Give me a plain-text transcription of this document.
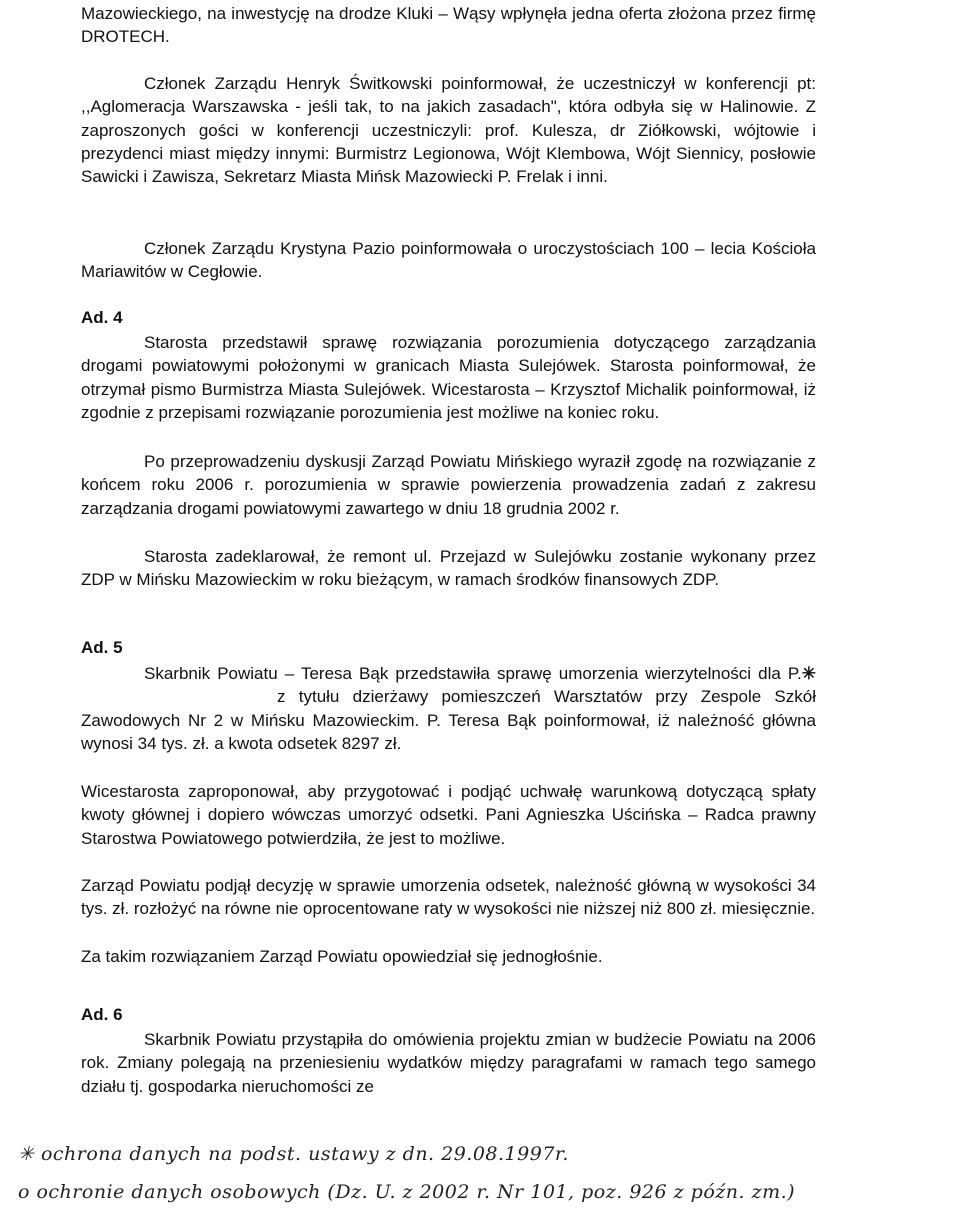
Mazowieckiego, na inwestycję na drodze Kluki – Wąsy wpłynęła jedna oferta złożona przez firmę DROTECH.
Członek Zarządu Henryk Świtkowski poinformował, że uczestniczył w konferencji pt: ,,Aglomeracja Warszawska - jeśli tak, to na jakich zasadach", która odbyła się w Halinowie. Z zaproszonych gości w konferencji uczestniczyli: prof. Kulesza, dr Ziółkowski, wójtowie i prezydenci miast między innymi: Burmistrz Legionowa, Wójt Klembowa, Wójt Siennicy, posłowie Sawicki i Zawisza, Sekretarz Miasta Mińsk Mazowiecki P. Frelak i inni.
Członek Zarządu Krystyna Pazio poinformowała o uroczystościach 100 – lecia Kościoła Mariawitów w Cegłowie.
Ad. 4
Starosta przedstawił sprawę rozwiązania porozumienia dotyczącego zarządzania drogami powiatowymi położonymi w granicach Miasta Sulejówek. Starosta poinformował, że otrzymał pismo Burmistrza Miasta Sulejówek. Wicestarosta – Krzysztof Michalik poinformował, iż zgodnie z przepisami rozwiązanie porozumienia jest możliwe na koniec roku.
Po przeprowadzeniu dyskusji Zarząd Powiatu Mińskiego wyraził zgodę na rozwiązanie z końcem roku 2006 r. porozumienia w sprawie powierzenia prowadzenia zadań z zakresu zarządzania drogami powiatowymi zawartego w dniu 18 grudnia 2002 r.
Starosta zadeklarował, że remont ul. Przejazd w Sulejówku zostanie wykonany przez ZDP w Mińsku Mazowieckim w roku bieżącym, w ramach środków finansowych ZDP.
Ad. 5
Skarbnik Powiatu – Teresa Bąk przedstawiła sprawę umorzenia wierzytelności dla P.✳z tytułu dzierżawy pomieszczeń Warsztatów przy Zespole Szkół Zawodowych Nr 2 w Mińsku Mazowieckim. P. Teresa Bąk poinformował, iż należność główna wynosi 34 tys. zł. a kwota odsetek 8297 zł.
Wicestarosta zaproponował, aby przygotować i podjąć uchwałę warunkową dotyczącą spłaty kwoty głównej i dopiero wówczas umorzyć odsetki. Pani Agnieszka Uścińska – Radca prawny Starostwa Powiatowego potwierdziła, że jest to możliwe.
Zarząd Powiatu podjął decyzję w sprawie umorzenia odsetek, należność główną w wysokości 34 tys. zł. rozłożyć na równe nie oprocentowane raty w wysokości nie niższej niż 800 zł. miesięcznie.
Za takim rozwiązaniem Zarząd Powiatu opowiedział się jednogłośnie.
Ad. 6
Skarbnik Powiatu przystąpiła do omówienia projektu zmian w budżecie Powiatu na 2006 rok. Zmiany polegają na przeniesieniu wydatków między paragrafami w ramach tego samego działu tj. gospodarka nieruchomości ze
✳ ochrona danych na podst. ustawy z dn. 29.08.1997r.
o ochronie danych osobowych (Dz. U. z 2002 r. Nr 101, poz. 926 z późn. zm.)
